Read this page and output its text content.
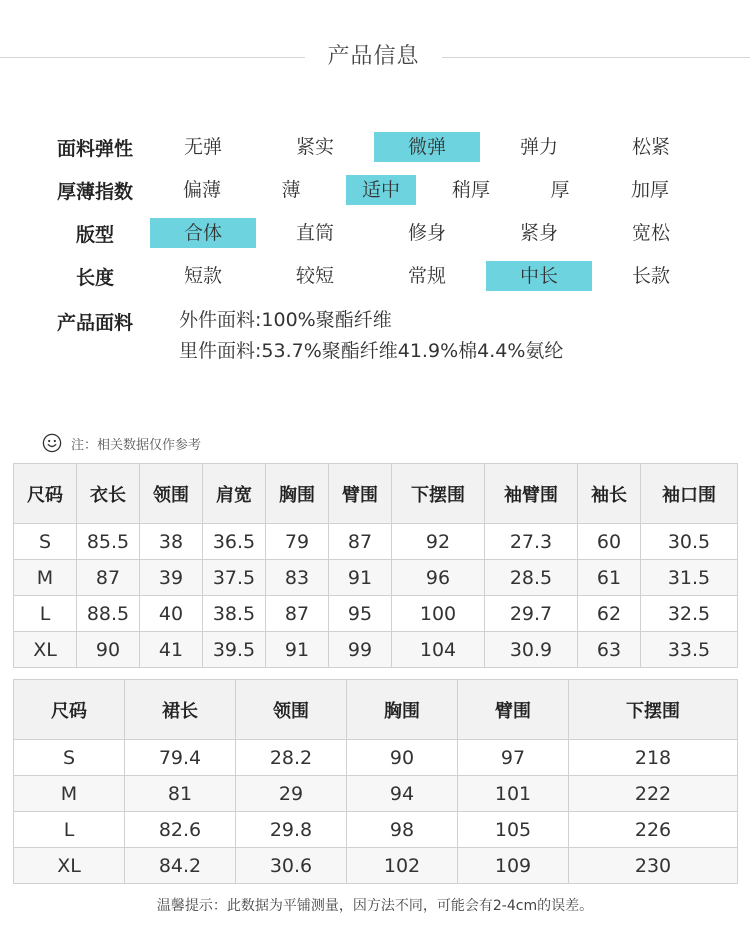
产品信息
面料弹性	无弹	紧实	微弹	弹力	松紧
厚薄指数	偏薄	薄	适中	稍厚	厚	加厚
版型	合体	直筒	修身	紧身	宽松
长度	短款	较短	常规	中长	长款
产品面料	外件面料:100%聚酯纤维
里件面料:53.7%聚酯纤维41.9%棉4.4%氨纶
注：相关数据仅作参考
尺码	衣长	领围	肩宽	胸围	臂围	下摆围	袖臂围	袖长	袖口围
S	85.5	38	36.5	79	87	92	27.3	60	30.5
M	87	39	37.5	83	91	96	28.5	61	31.5
L	88.5	40	38.5	87	95	100	29.7	62	32.5
XL	90	41	39.5	91	99	104	30.9	63	33.5
尺码	裙长	领围	胸围	臂围	下摆围
S	79.4	28.2	90	97	218
M	81	29	94	101	222
L	82.6	29.8	98	105	226
XL	84.2	30.6	102	109	230
温馨提示：此数据为平铺测量，因方法不同，可能会有2-4cm的误差。
